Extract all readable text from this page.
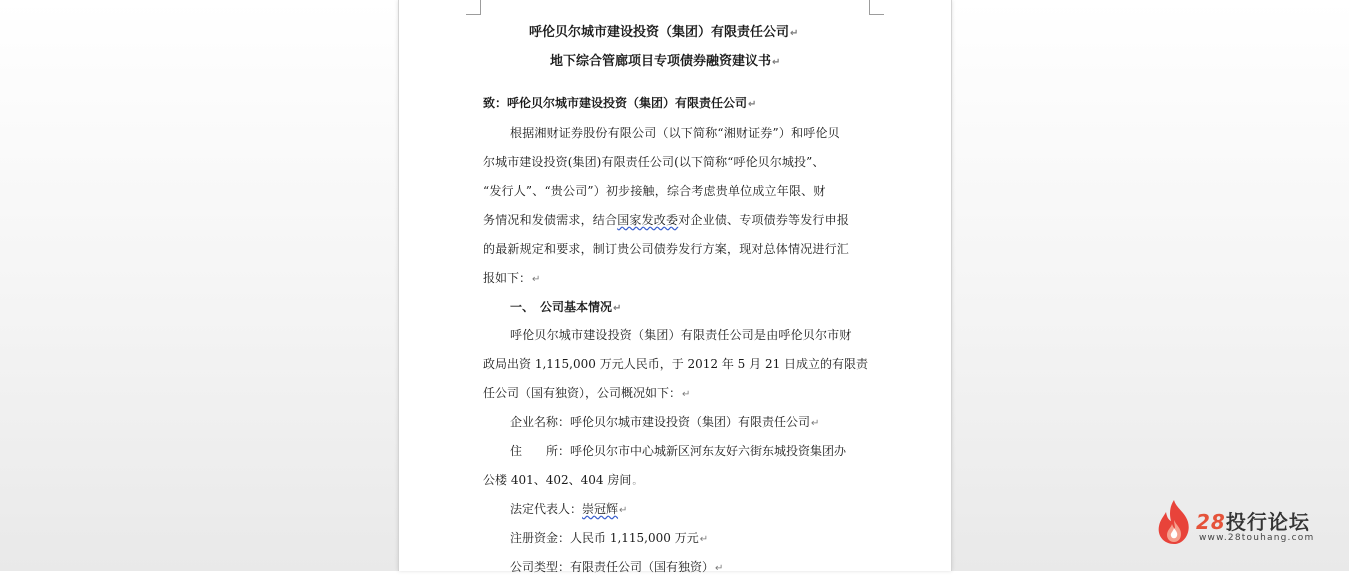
呼伦贝尔城市建设投资（集团）有限责任公司↵
地下综合管廊项目专项债券融资建议书↵
致：呼伦贝尔城市建设投资（集团）有限责任公司↵
根据湘财证券股份有限公司（以下简称“湘财证券”）和呼伦贝
尔城市建设投资(集团)有限责任公司(以下简称“呼伦贝尔城投”、
“发行人”、“贵公司”）初步接触，综合考虑贵单位成立年限、财
务情况和发债需求，结合国家发改委对企业债、专项债券等发行申报
的最新规定和要求，制订贵公司债券发行方案，现对总体情况进行汇
报如下：↵
一、　公司基本情况↵
呼伦贝尔城市建设投资（集团）有限责任公司是由呼伦贝尔市财
政局出资 1,115,000 万元人民币，于 2012 年 5 月 21 日成立的有限责
任公司（国有独资），公司概况如下：↵
企业名称：呼伦贝尔城市建设投资（集团）有限责任公司↵
住　　所：呼伦贝尔市中心城新区河东友好六街东城投资集团办
公楼 401、402、404 房间。
法定代表人：崇冠辉↵
注册资金：人民币 1,115,000 万元↵
公司类型：有限责任公司（国有独资）↵
28投行论坛
www.28touhang.com
